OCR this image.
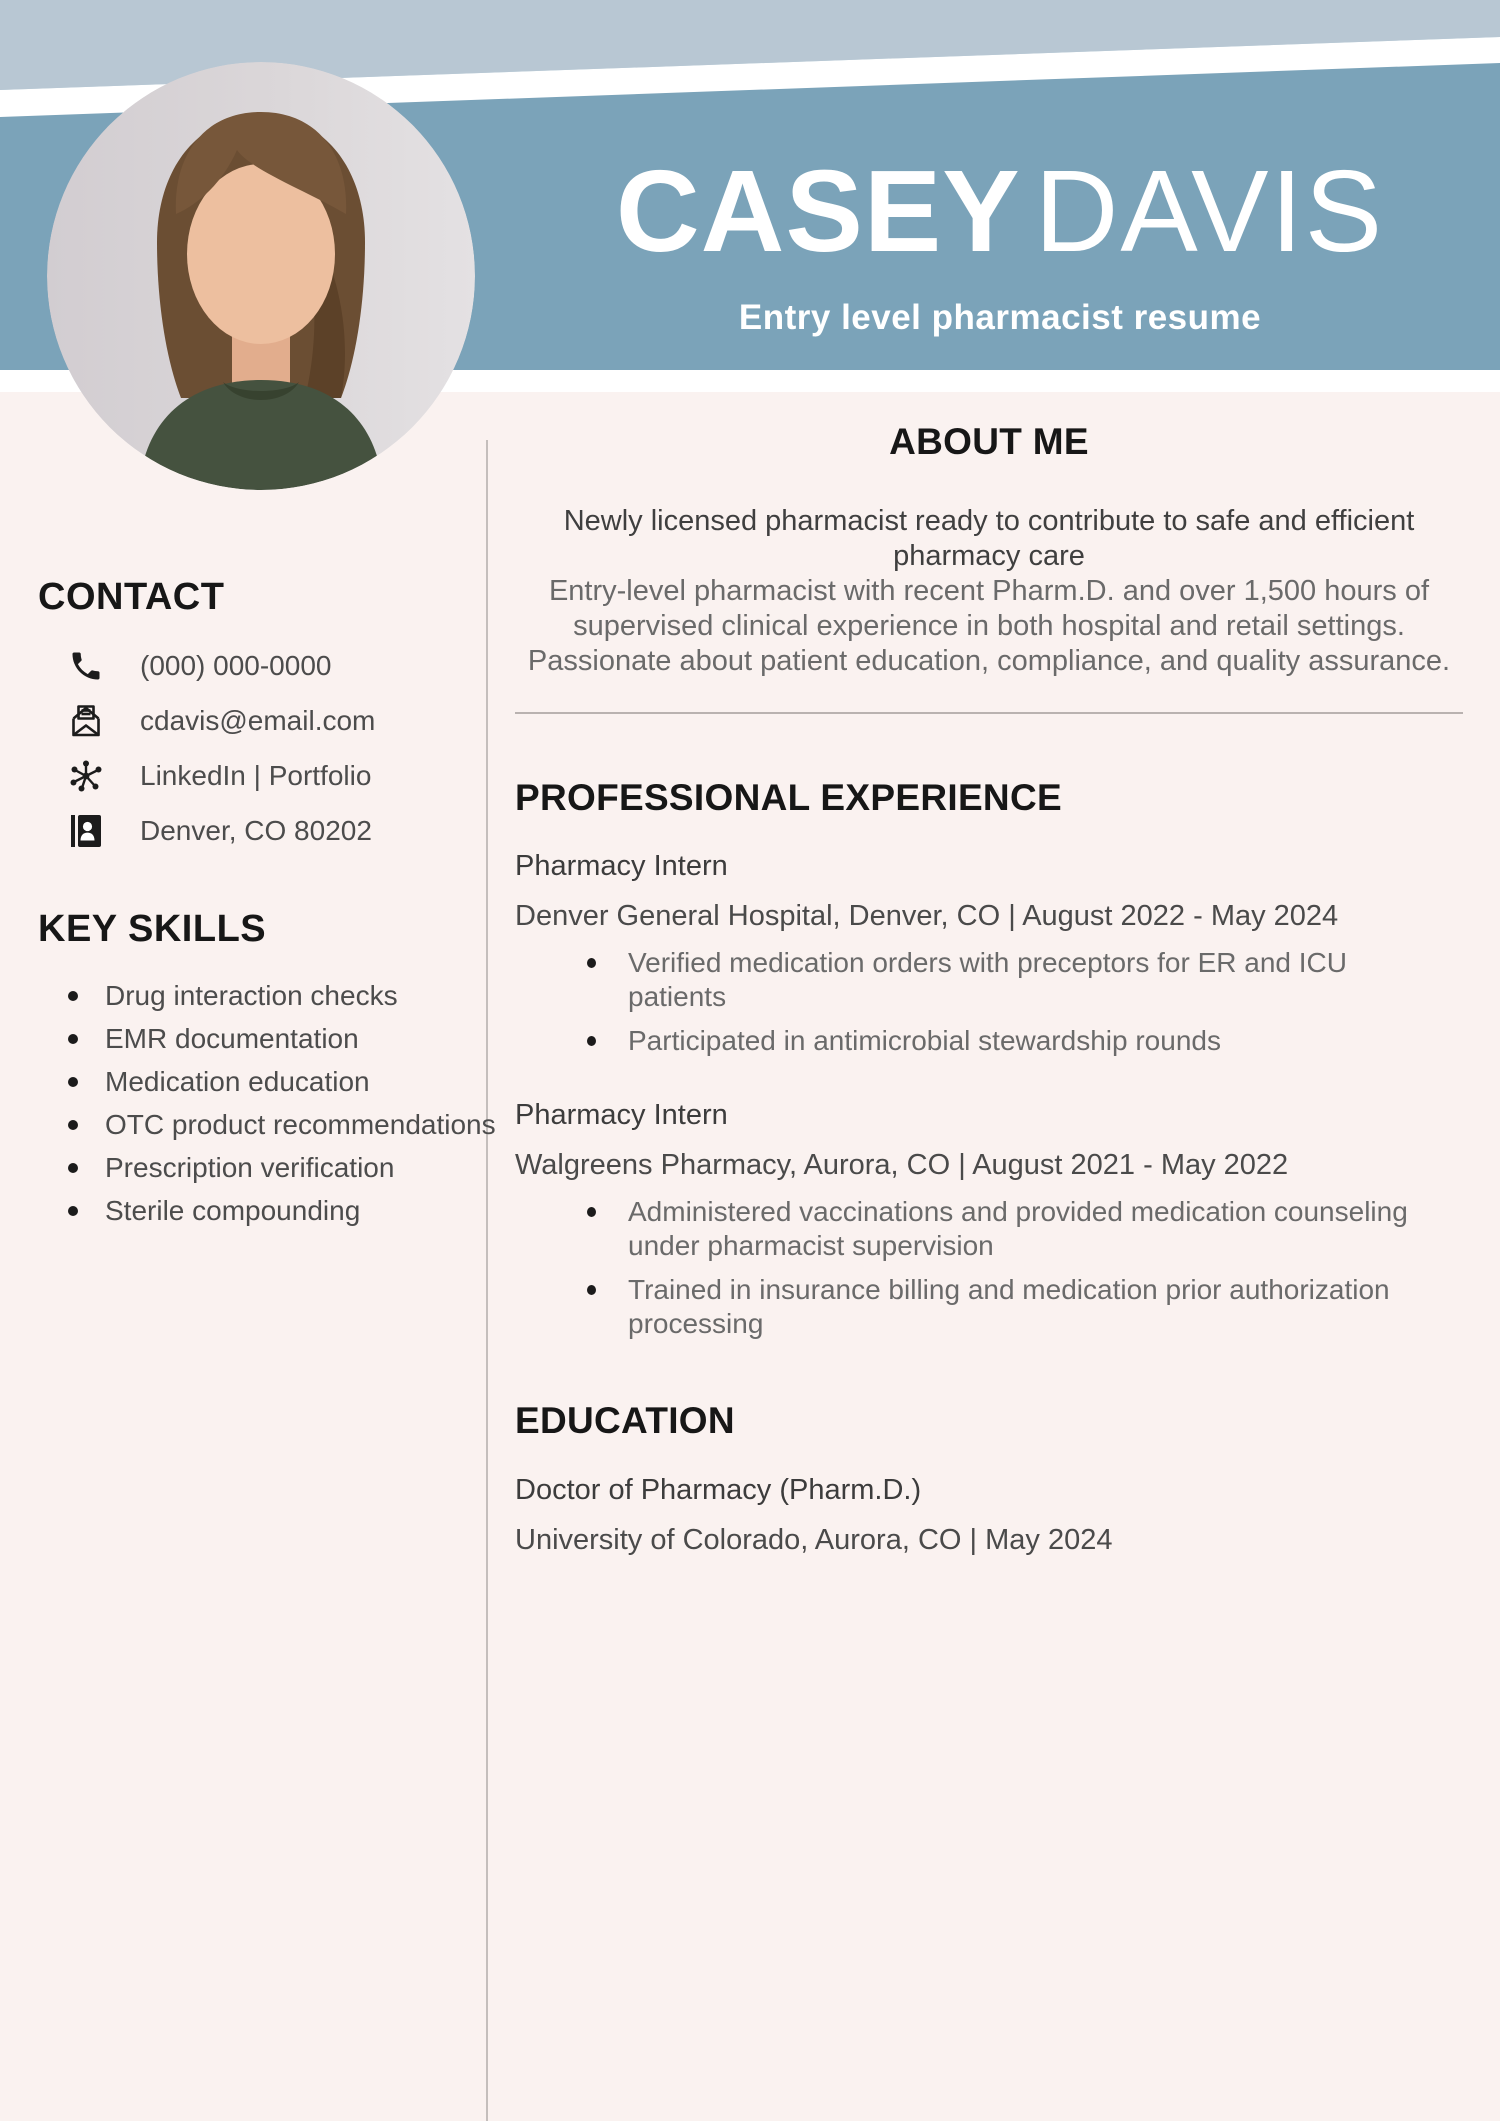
CASEY DAVIS
Entry level pharmacist resume
CONTACT
(000) 000-0000
cdavis@email.com
LinkedIn | Portfolio
Denver, CO 80202
KEY SKILLS
Drug interaction checks
EMR documentation
Medication education
OTC product recommendations
Prescription verification
Sterile compounding
ABOUT ME

Newly licensed pharmacist ready to contribute to safe and efficient pharmacy care

Entry-level pharmacist with recent Pharm.D. and over 1,500 hours of supervised clinical experience in both hospital and retail settings. Passionate about patient education, compliance, and quality assurance.

PROFESSIONAL EXPERIENCE
Pharmacy Intern

Denver General Hospital, Denver, CO | August 2022 - May 2024

Verified medication orders with preceptors for ER and ICU patients
Participated in antimicrobial stewardship rounds
Pharmacy Intern

Walgreens Pharmacy, Aurora, CO | August 2021 - May 2022

Administered vaccinations and provided medication counseling under pharmacist supervision
Trained in insurance billing and medication prior authorization processing
EDUCATION

Doctor of Pharmacy (Pharm.D.)

University of Colorado, Aurora, CO | May 2024
